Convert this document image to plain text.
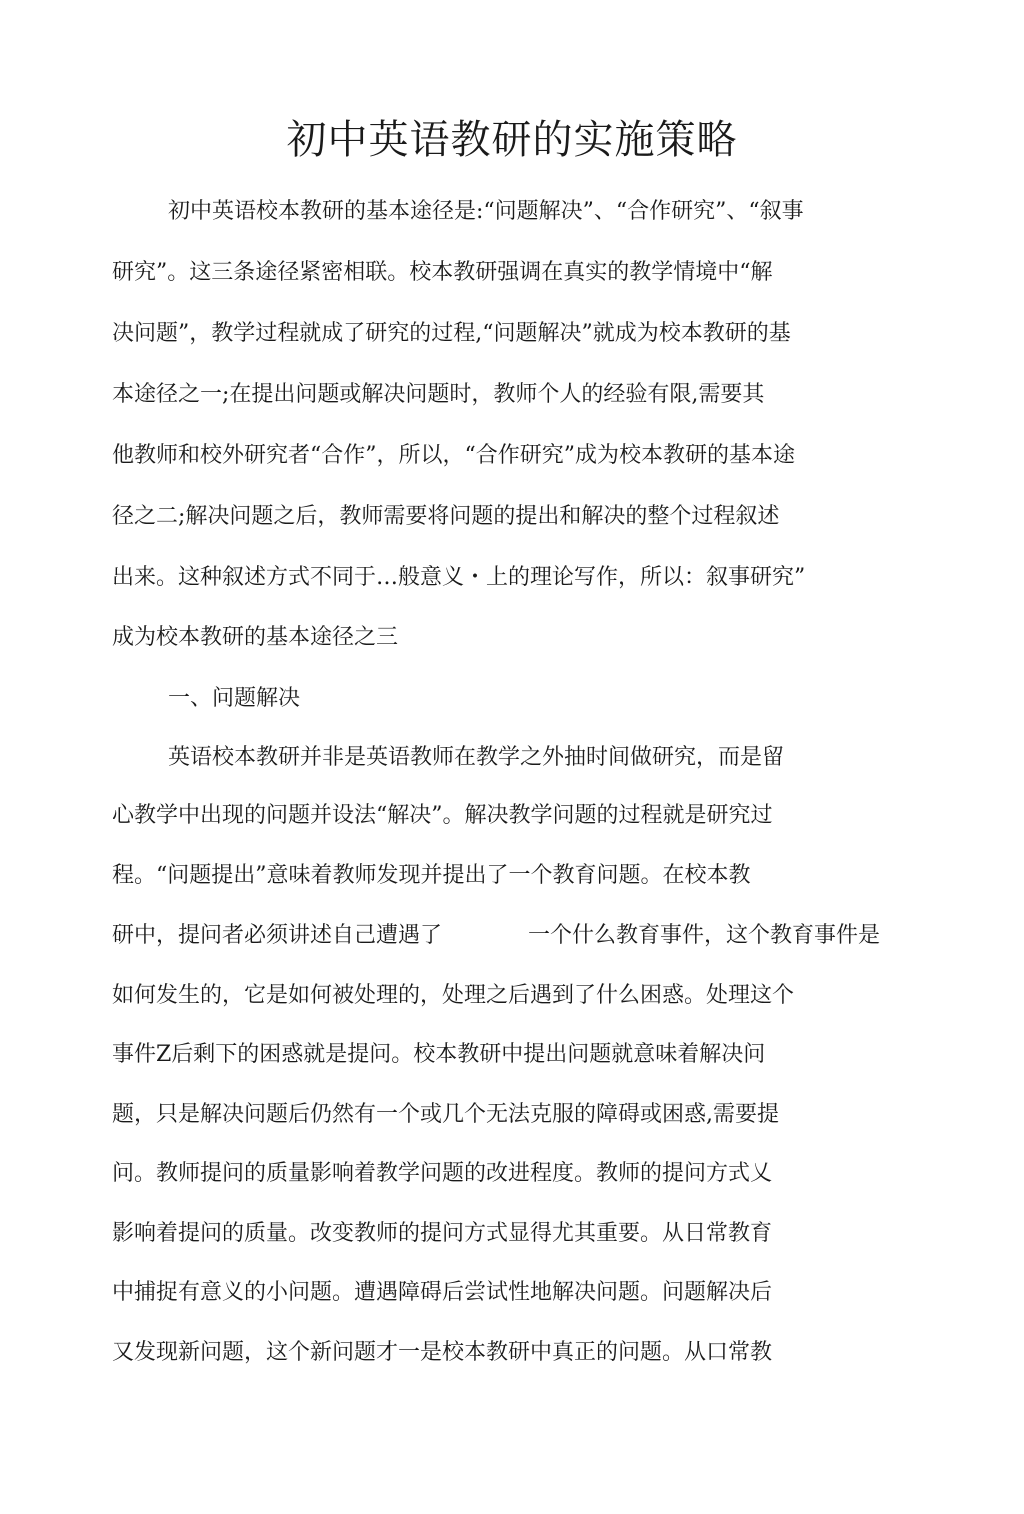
初中英语教研的实施策略
初中英语校本教研的基本途径是:“问题解决”、“合作研究”、“叙事
研究”。这三条途径紧密相联。校本教研强调在真实的教学情境中“解
决问题”，教学过程就成了研究的过程,“问题解决”就成为校本教研的基
本途径之一;在提出问题或解决问题时，教师个人的经验有限,需要其
他教师和校外研究者“合作”，所以，“合作研究”成为校本教研的基本途
径之二;解决问题之后，教师需要将问题的提出和解决的整个过程叙述
出来。这种叙述方式不同于…般意义・上的理论写作，所以：叙事研究”
成为校本教研的基本途径之三
一、问题解决
英语校本教研并非是英语教师在教学之外抽时间做研究，而是留
心教学中出现的问题并设法“解决”。解决教学问题的过程就是研究过
程。“问题提出”意味着教师发现并提出了一个教育问题。在校本教
研中，提问者必须讲述自己遭遇了	一个什么教育事件，这个教育事件是
如何发生的，它是如何被处理的，处理之后遇到了什么困惑。处理这个
事件Z后剩下的困惑就是提问。校本教研中提出问题就意味着解决问
题，只是解决问题后仍然有一个或几个无法克服的障碍或困惑,需要提
问。教师提问的质量影响着教学问题的改进程度。教师的提问方式乂
影响着提问的质量。改变教师的提问方式显得尤其重要。从日常教育
中捕捉有意义的小问题。遭遇障碍后尝试性地解决问题。问题解决后
又发现新问题，这个新问题才一是校本教研中真正的问题。从口常教
